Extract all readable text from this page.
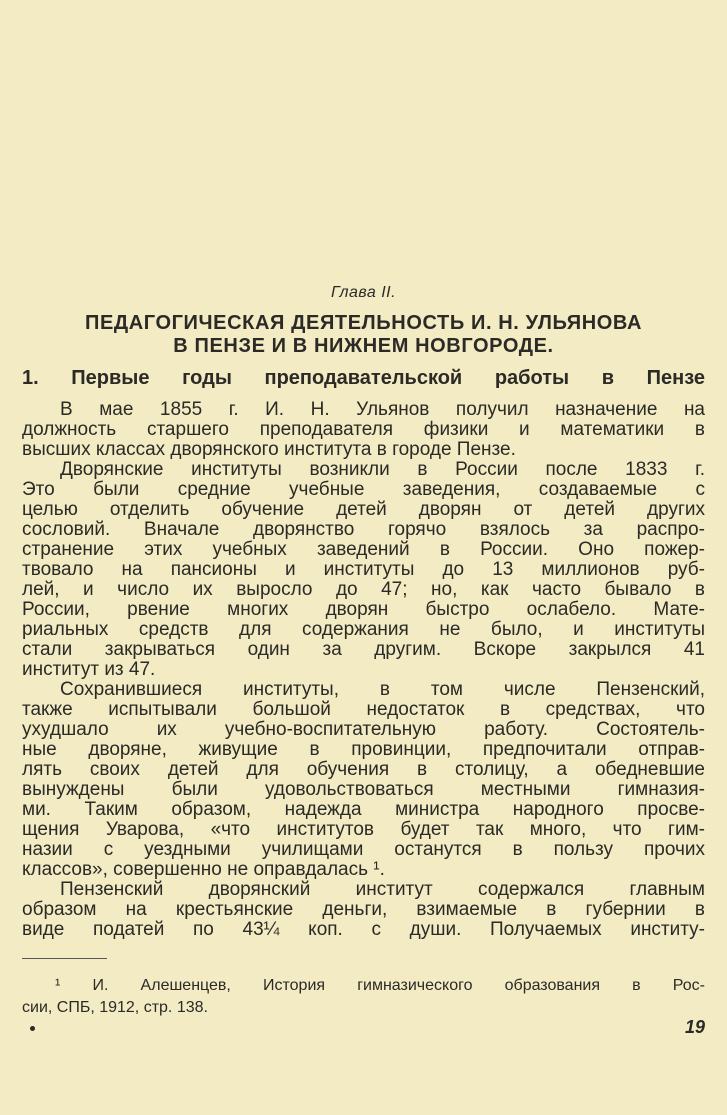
Глава II.
ПЕДАГОГИЧЕСКАЯ ДЕЯТЕЛЬНОСТЬ И. Н. УЛЬЯНОВА
В ПЕНЗЕ И В НИЖНЕМ НОВГОРОДЕ.
1. Первые годы преподавательской работы в Пензе
В мае 1855 г. И. Н. Ульянов получил назначение на
должность старшего преподавателя физики и математики в
высших классах дворянского института в городе Пензе.
Дворянские институты возникли в России после 1833 г.
Это были средние учебные заведения, создаваемые с
целью отделить обучение детей дворян от детей других
сословий. Вначале дворянство горячо взялось за распро-
странение этих учебных заведений в России. Оно пожер-
твовало на пансионы и институты до 13 миллионов руб-
лей, и число их выросло до 47; но, как часто бывало в
России, рвение многих дворян быстро ослабело. Мате-
риальных средств для содержания не было, и институты
стали закрываться один за другим. Вскоре закрылся 41
институт из 47.
Сохранившиеся институты, в том числе Пензенский,
также испытывали большой недостаток в средствах, что
ухудшало их учебно-воспитательную работу. Состоятель-
ные дворяне, живущие в провинции, предпочитали отправ-
лять своих детей для обучения в столицу, а обедневшие
вынуждены были удовольствоваться местными гимназия-
ми. Таким образом, надежда министра народного просве-
щения Уварова, «что институтов будет так много, что гим-
назии с уездными училищами останутся в пользу прочих
классов», совершенно не оправдалась ¹.
Пензенский дворянский институт содержался главным
образом на крестьянские деньги, взимаемые в губернии в
виде податей по 43¼ коп. с души. Получаемых институ-
¹ И. Алешенцев, История гимназического образования в Рос-
сии, СПБ, 1912, стр. 138.
19
